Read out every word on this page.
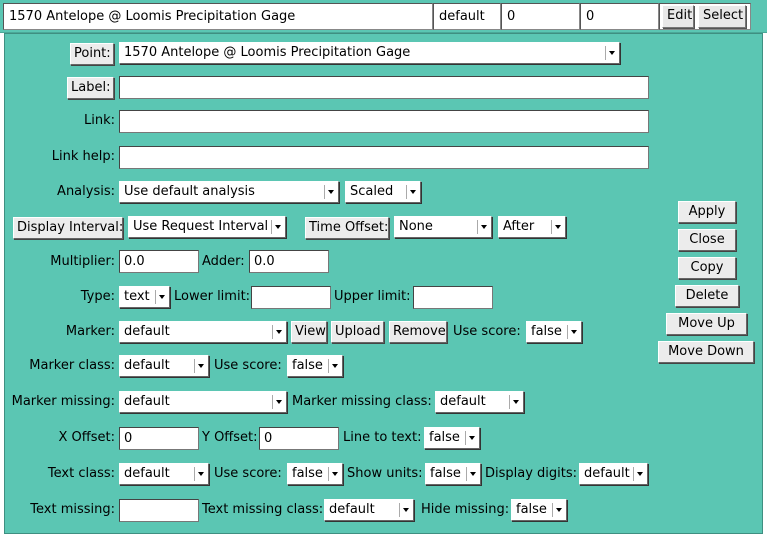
1570 Antelope @ Loomis Precipitation Gage	default	0	0	Edit Select
Point:	1570 Antelope @ Loomis Precipitation Gage
Label:
Link:
Link help:
Analysis: Use default analysis	Scaled
Display Interval: Use Request Interval	Time Offset: None	After
Multiplier: 0.0	Adder: 0.0
Type: text	Lower limit:	Upper limit:
Marker: default	View Upload Remove Use score: false
Marker class: default	Use score: false
Marker missing: default	Marker missing class: default
X Offset: 0	Y Offset: 0	Line to text: false
Text class: default	Use score: false	Show units: false	Display digits: default
Text missing:	Text missing class: default	Hide missing: false
Apply
Close
Copy
Delete
Move Up
Move Down
